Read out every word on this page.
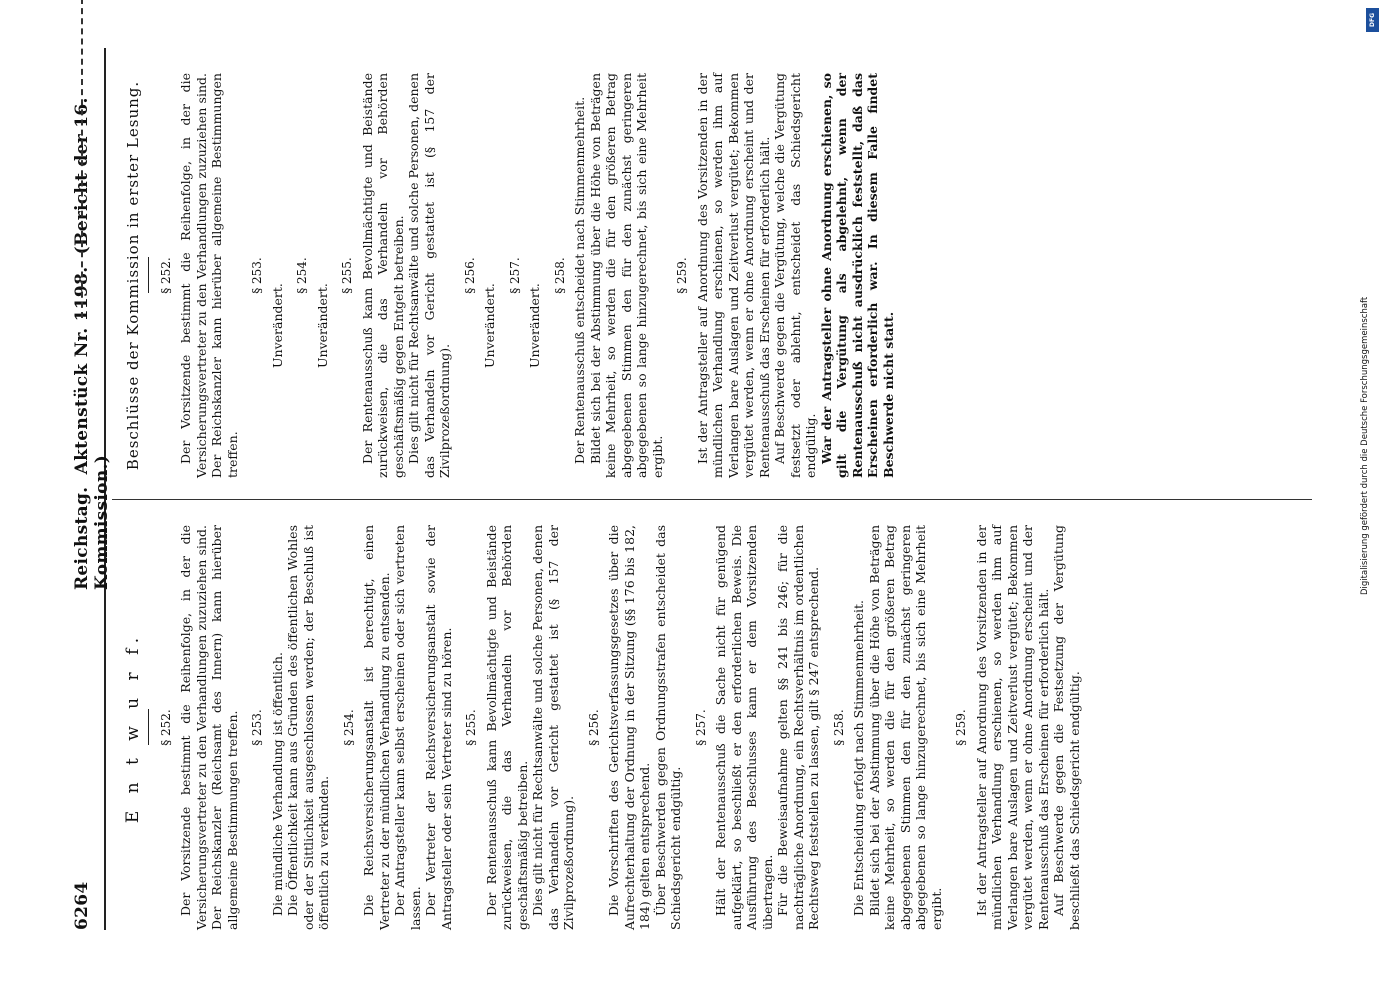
6264
Reichstag. Aktenstück Nr. 1198. (Bericht der 16. Kommission.)
E n t w u r f. § 252. Der Vorsitzende bestimmt die Reihenfolge, in der die Versicherungsvertreter zu den Verhandlungen zuzuziehen sind. Der Reichskanzler (Reichsamt des Innern) kann hierüber allgemeine Bestimmungen treffen. § 253. Die mündliche Verhandlung ist öffentlich. Die Öffentlichkeit kann aus Gründen des öffentlichen Wohles oder der Sittlichkeit ausgeschlossen werden; der Beschluß ist öffentlich zu verkünden.

§ 254. Die Reichsversicherungsanstalt ist berechtigt, einen Vertreter zu der mündlichen Verhandlung zu entsenden. Der Antragsteller kann selbst erscheinen oder sich vertreten lassen. Der Vertreter der Reichsversicherungsanstalt sowie der Antragsteller oder sein Vertreter sind zu hören. § 255. Der Rentenausschuß kann Bevollmächtigte und Beistände zurückweisen, die das Verhandeln vor Behörden geschäftsmäßig betreiben. Dies gilt nicht für Rechtsanwälte und solche Personen, denen das Verhandeln vor Gericht gestattet ist (§ 157 der Zivilprozeßordnung).

§ 256. Die Vorschriften des Gerichtsverfassungsgesetzes über die Aufrechterhaltung der Ordnung in der Sitzung (§§ 176 bis 182, 184) gelten entsprechend. Über Beschwerden gegen Ordnungsstrafen entscheidet das Schiedsgericht endgültig.

§ 257. Hält der Rentenausschuß die Sache nicht für genügend aufgeklärt, so beschließt er den erforderlichen Beweis. Die Ausführung des Beschlusses kann er dem Vorsitzenden übertragen. Für die Beweisaufnahme gelten §§ 241 bis 246; für die nachträgliche Anordnung, ein Rechtsverhältnis im ordentlichen Rechtsweg feststellen zu lassen, gilt § 247 entsprechend. § 258. Die Entscheidung erfolgt nach Stimmenmehrheit. Bildet sich bei der Abstimmung über die Höhe von Beträgen keine Mehrheit, so werden die für den größeren Betrag abgegebenen Stimmen den für den zunächst geringeren abgegebenen so lange hinzugerechnet, bis sich eine Mehrheit ergibt.

§ 259. Ist der Antragsteller auf Anordnung des Vorsitzenden in der mündlichen Verhandlung erschienen, so werden ihm auf Verlangen bare Auslagen und Zeitverlust vergütet; Bekommen vergütet werden, wenn er ohne Anordnung erscheint und der Rentenausschuß das Erscheinen für erforderlich hält. Auf Beschwerde gegen die Festsetzung der Vergütung beschließt das Schiedsgericht endgültig.

Beschlüsse der Kommission in erster Lesung. § 252. Der Vorsitzende bestimmt die Reihenfolge, in der die Versicherungsvertreter zu den Verhandlungen zuzuziehen sind. Der Reichskanzler kann hierüber allgemeine Bestimmungen treffen.

§ 253.

Unverändert.

§ 254.

Unverändert.

§ 255. Der Rentenausschuß kann Bevollmächtigte und Beistände zurückweisen, die das Verhandeln vor Behörden geschäftsmäßig gegen Entgelt betreiben. Dies gilt nicht für Rechtsanwälte und solche Personen, denen das Verhandeln vor Gericht gestattet ist (§ 157 der Zivilprozeßordnung).

§ 256.

Unverändert.

§ 257.

Unverändert.

§ 258. Der Rentenausschuß entscheidet nach Stimmenmehrheit. Bildet sich bei der Abstimmung über die Höhe von Beträgen keine Mehrheit, so werden die für den größeren Betrag abgegebenen Stimmen den für den zunächst geringeren abgegebenen so lange hinzugerechnet, bis sich eine Mehrheit ergibt.

§ 259. Ist der Antragsteller auf Anordnung des Vorsitzenden in der mündlichen Verhandlung erschienen, so werden ihm auf Verlangen bare Auslagen und Zeitverlust vergütet; Bekommen vergütet werden, wenn er ohne Anordnung erscheint und der Rentenausschuß das Erscheinen für erforderlich hält. Auf Beschwerde gegen die Vergütung, welche die Vergütung festsetzt oder ablehnt, entscheidet das Schiedsgericht endgültig. War der Antragsteller ohne Anordnung erschienen, so gilt die Vergütung als abgelehnt, wenn der Rentenausschuß nicht ausdrücklich feststellt, daß das Erscheinen erforderlich war. In diesem Falle findet Beschwerde nicht statt.

DFG
Digitalisierung gefördert durch die Deutsche Forschungsgemeinschaft
